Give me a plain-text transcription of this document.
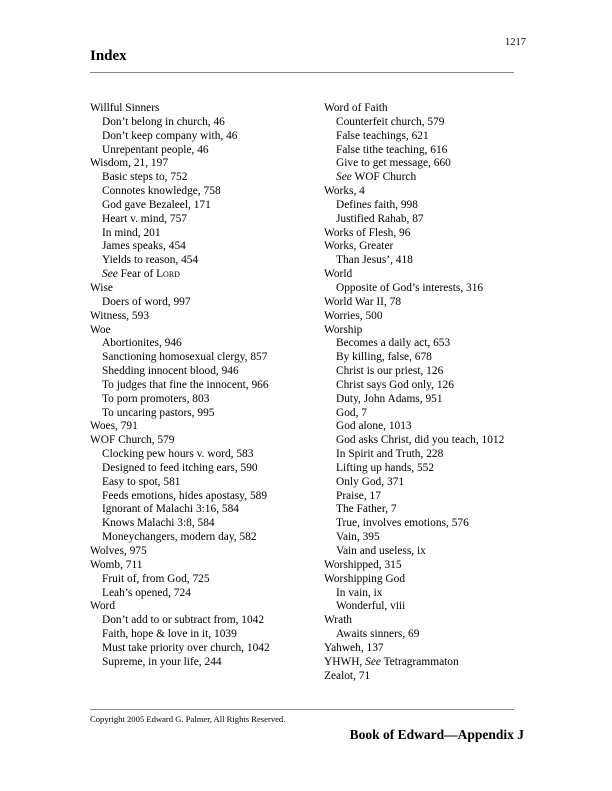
1217
Index
Willful Sinners
Don’t belong in church, 46
Don’t keep company with, 46
Unrepentant people, 46
Wisdom, 21, 197
Basic steps to, 752
Connotes knowledge, 758
God gave Bezaleel, 171
Heart v. mind, 757
In mind, 201
James speaks, 454
Yields to reason, 454
See Fear of Lord
Wise
Doers of word, 997
Witness, 593
Woe
Abortionites, 946
Sanctioning homosexual clergy, 857
Shedding innocent blood, 946
To judges that fine the innocent, 966
To porn promoters, 803
To uncaring pastors, 995
Woes, 791
WOF Church, 579
Clocking pew hours v. word, 583
Designed to feed itching ears, 590
Easy to spot, 581
Feeds emotions, hides apostasy, 589
Ignorant of Malachi 3:16, 584
Knows Malachi 3:8, 584
Moneychangers, modern day, 582
Wolves, 975
Womb, 711
Fruit of, from God, 725
Leah’s opened, 724
Word
Don’t add to or subtract from, 1042
Faith, hope & love in it, 1039
Must take priority over church, 1042
Supreme, in your life, 244
Word of Faith
Counterfeit church, 579
False teachings, 621
False tithe teaching, 616
Give to get message, 660
See WOF Church
Works, 4
Defines faith, 998
Justified Rahab, 87
Works of Flesh, 96
Works, Greater
Than Jesus’, 418
World
Opposite of God’s interests, 316
World War II, 78
Worries, 500
Worship
Becomes a daily act, 653
By killing, false, 678
Christ is our priest, 126
Christ says God only, 126
Duty, John Adams, 951
God, 7
God alone, 1013
God asks Christ, did you teach, 1012
In Spirit and Truth, 228
Lifting up hands, 552
Only God, 371
Praise, 17
The Father, 7
True, involves emotions, 576
Vain, 395
Vain and useless, ix
Worshipped, 315
Worshipping God
In vain, ix
Wonderful, viii
Wrath
Awaits sinners, 69
Yahweh, 137
YHWH, See Tetragrammaton
Zealot, 71
Copyright 2005 Edward G. Palmer, All Rights Reserved.
Book of Edward—Appendix J
